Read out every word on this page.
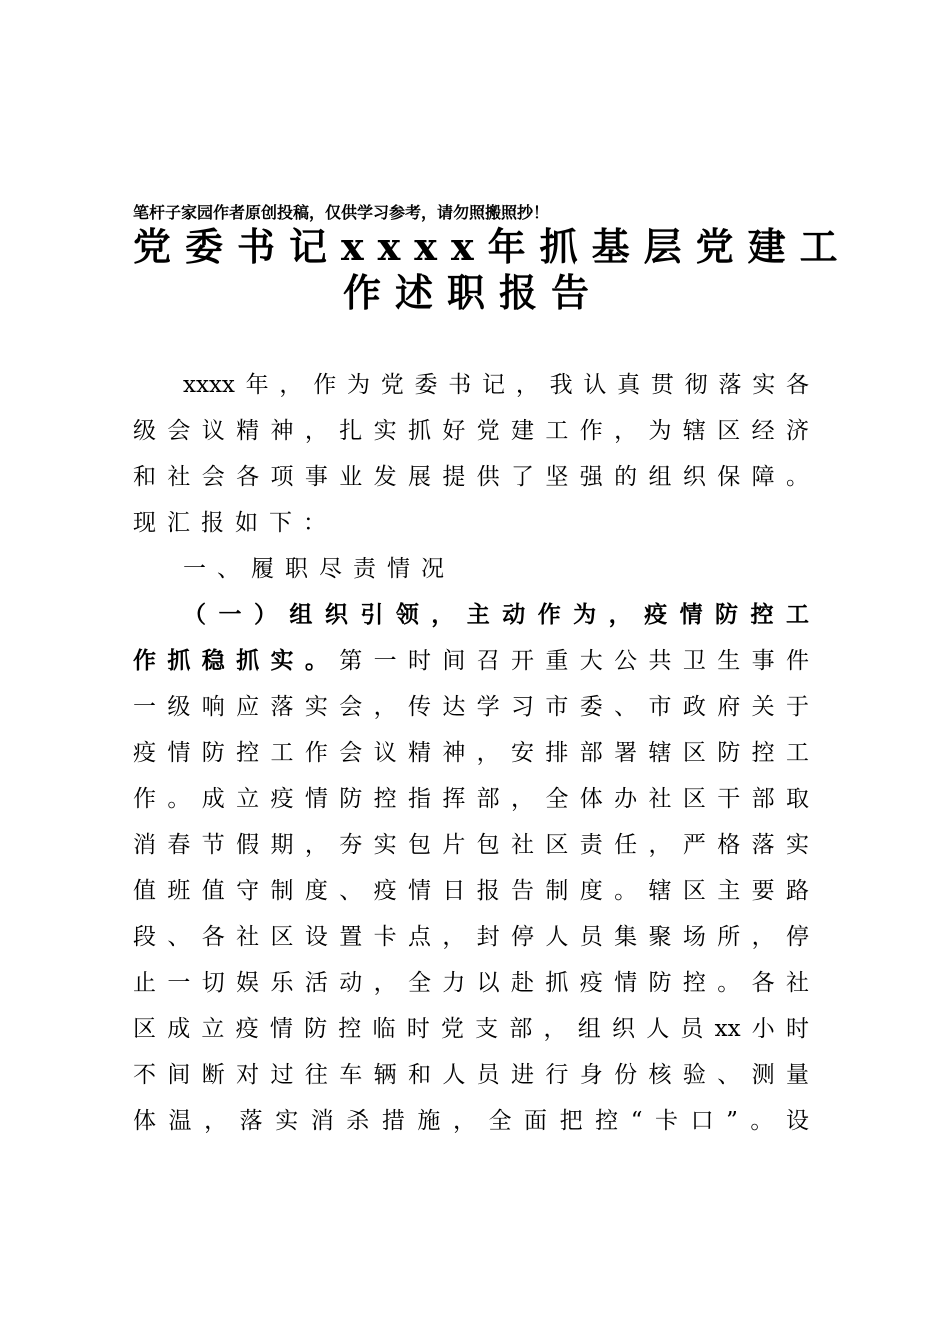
笔杆子家园作者原创投稿，仅供学习参考，请勿照搬照抄！
党委书记xxxx年抓基层党建工
作述职报告
xxxx年，作为党委书记，我认真贯彻落实各
级会议精神，扎实抓好党建工作，为辖区经济
和社会各项事业发展提供了坚强的组织保障。
现汇报如下：
一、履职尽责情况
（一）组织引领，主动作为，疫情防控工
作抓稳抓实。第一时间召开重大公共卫生事件
一级响应落实会，传达学习市委、市政府关于
疫情防控工作会议精神，安排部署辖区防控工
作。成立疫情防控指挥部，全体办社区干部取
消春节假期，夯实包片包社区责任，严格落实
值班值守制度、疫情日报告制度。辖区主要路
段、各社区设置卡点，封停人员集聚场所，停
止一切娱乐活动，全力以赴抓疫情防控。各社
区成立疫情防控临时党支部，组织人员xx小时
不间断对过往车辆和人员进行身份核验、测量
体温，落实消杀措施，全面把控“卡口”。设
